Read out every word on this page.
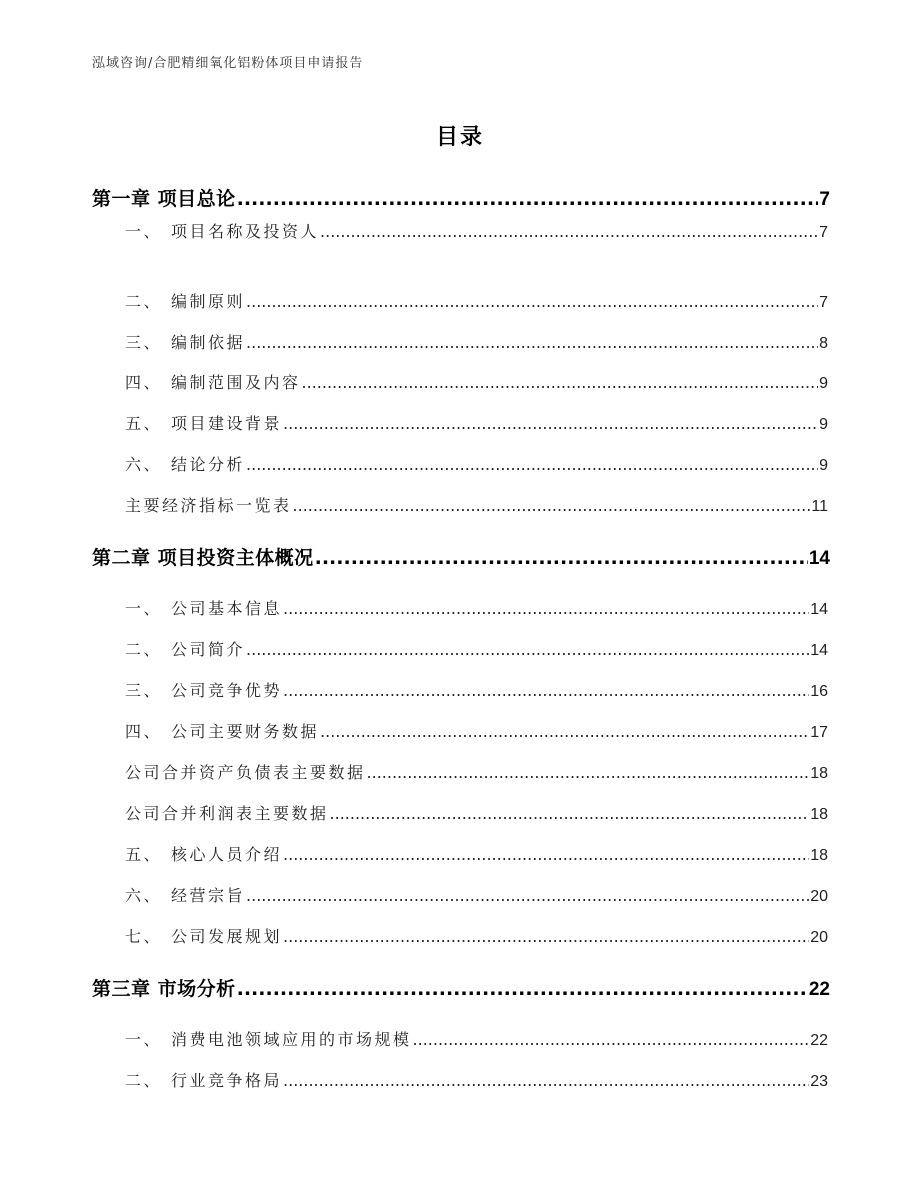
泓域咨询/合肥精细氧化铝粉体项目申请报告
目录
第一章 项目总论 .....	7
一、 项目名称及投资人 .....	7
二、 编制原则 .....	7
三、 编制依据 .....	8
四、 编制范围及内容 .....	9
五、 项目建设背景 .....	9
六、 结论分析 .....	9
主要经济指标一览表 .....	11
第二章 项目投资主体概况 .....	14
一、 公司基本信息 .....	14
二、 公司简介 .....	14
三、 公司竞争优势 .....	16
四、 公司主要财务数据 .....	17
公司合并资产负债表主要数据 .....	18
公司合并利润表主要数据 .....	18
五、 核心人员介绍 .....	18
六、 经营宗旨 .....	20
七、 公司发展规划 .....	20
第三章 市场分析 .....	22
一、 消费电池领域应用的市场规模 .....	22
二、 行业竞争格局 .....	23
